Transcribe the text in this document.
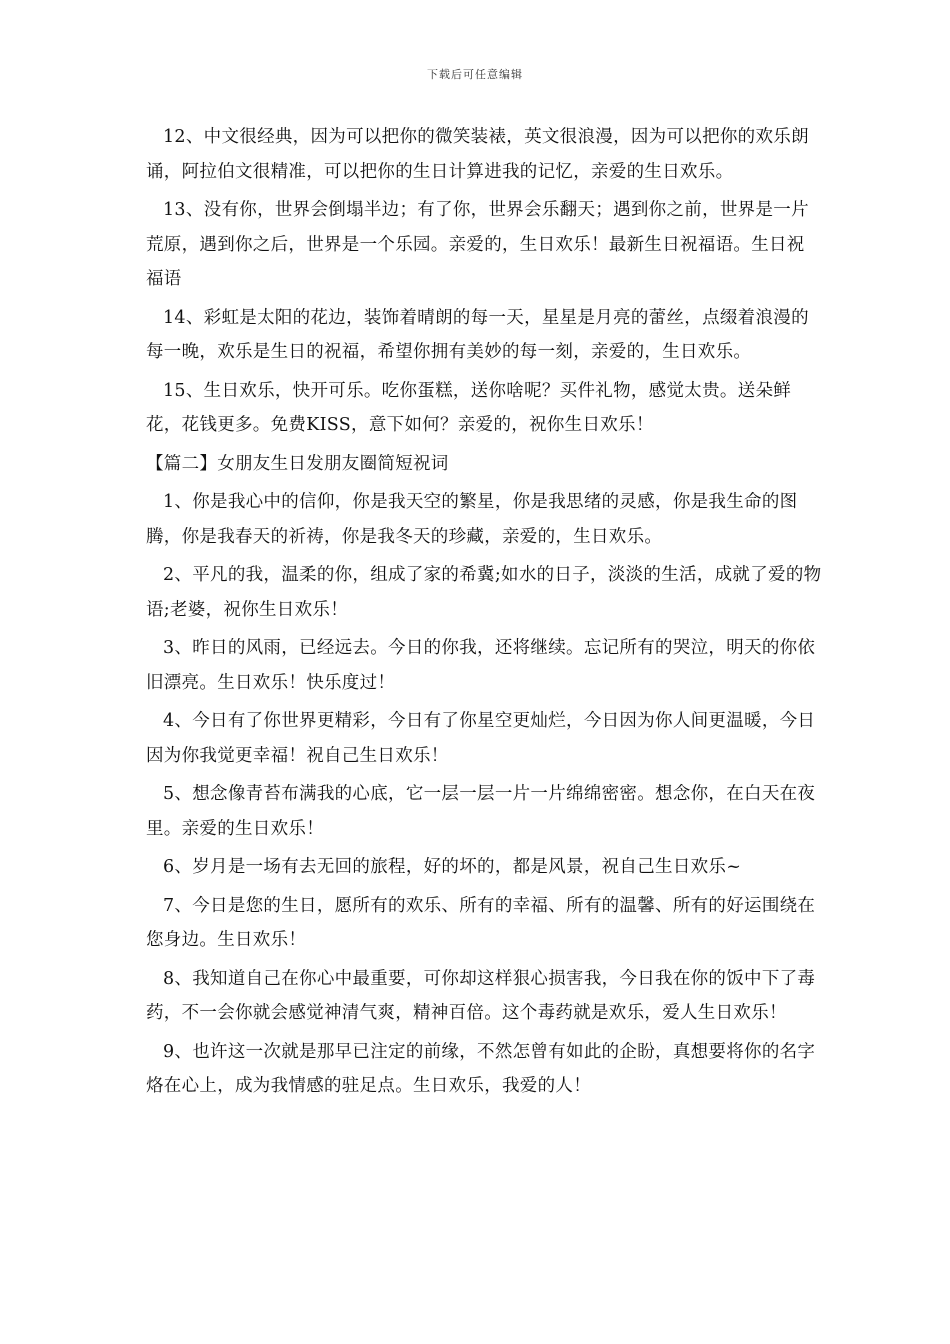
下载后可任意编辑

12、中文很经典，因为可以把你的微笑装裱，英文很浪漫，因为可以把你的欢乐朗诵，阿拉伯文很精准，可以把你的生日计算进我的记忆，亲爱的生日欢乐。

13、没有你，世界会倒塌半边；有了你，世界会乐翻天；遇到你之前，世界是一片荒原，遇到你之后，世界是一个乐园。亲爱的，生日欢乐！最新生日祝福语。生日祝福语

14、彩虹是太阳的花边，装饰着晴朗的每一天，星星是月亮的蕾丝，点缀着浪漫的每一晚，欢乐是生日的祝福，希望你拥有美妙的每一刻，亲爱的，生日欢乐。

15、生日欢乐，快开可乐。吃你蛋糕，送你啥呢？买件礼物，感觉太贵。送朵鲜花，花钱更多。免费KISS，意下如何？亲爱的，祝你生日欢乐！

【篇二】女朋友生日发朋友圈简短祝词

1、你是我心中的信仰，你是我天空的繁星，你是我思绪的灵感，你是我生命的图腾，你是我春天的祈祷，你是我冬天的珍藏，亲爱的，生日欢乐。

2、平凡的我，温柔的你，组成了家的希冀;如水的日子，淡淡的生活，成就了爱的物语;老婆，祝你生日欢乐！

3、昨日的风雨，已经远去。今日的你我，还将继续。忘记所有的哭泣，明天的你依旧漂亮。生日欢乐！快乐度过！

4、今日有了你世界更精彩，今日有了你星空更灿烂，今日因为你人间更温暖，今日因为你我觉更幸福！祝自己生日欢乐！

5、想念像青苔布满我的心底，它一层一层一片一片绵绵密密。想念你，在白天在夜里。亲爱的生日欢乐！

6、岁月是一场有去无回的旅程，好的坏的，都是风景，祝自己生日欢乐~

7、今日是您的生日，愿所有的欢乐、所有的幸福、所有的温馨、所有的好运围绕在您身边。生日欢乐！

8、我知道自己在你心中最重要，可你却这样狠心损害我，今日我在你的饭中下了毒药，不一会你就会感觉神清气爽，精神百倍。这个毒药就是欢乐，爱人生日欢乐！

9、也许这一次就是那早已注定的前缘，不然怎曾有如此的企盼，真想要将你的名字烙在心上，成为我情感的驻足点。生日欢乐，我爱的人！
